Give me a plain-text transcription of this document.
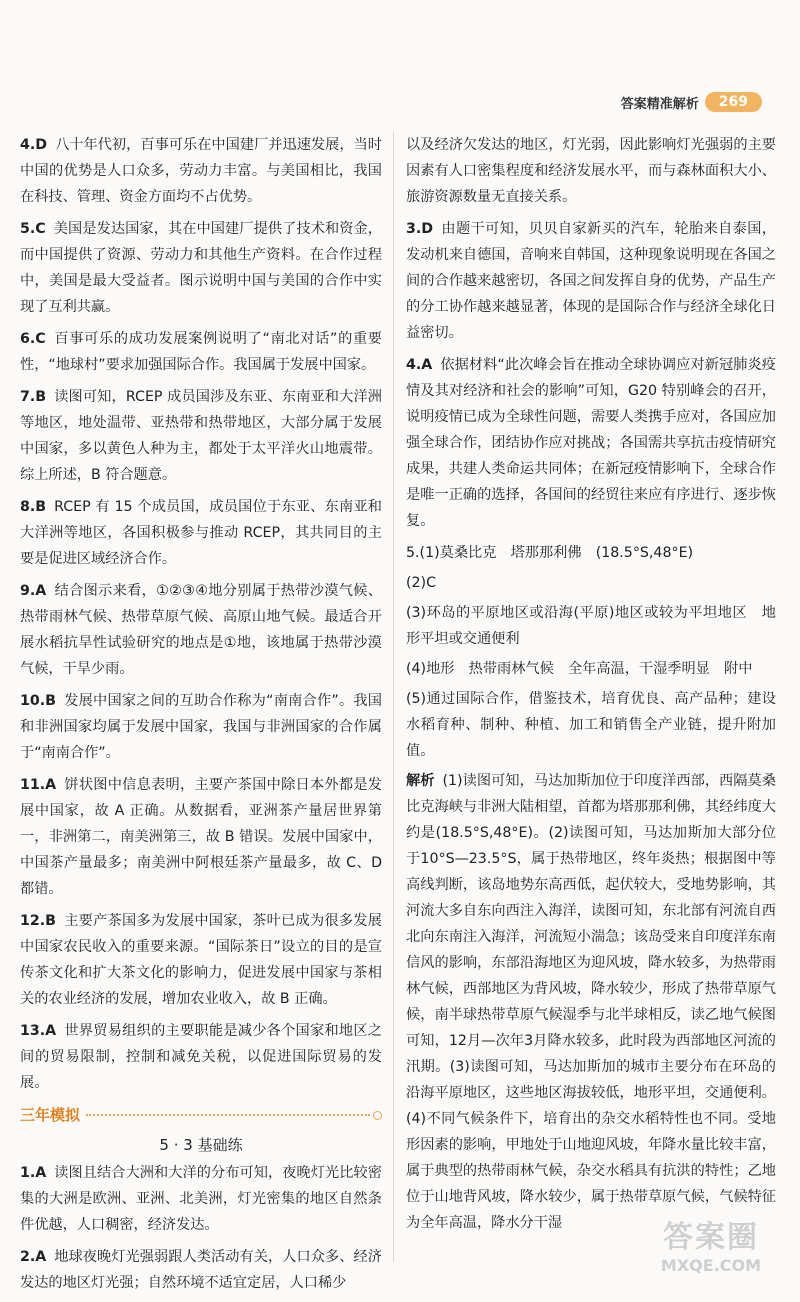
答案精准解析	269
4.D 八十年代初，百事可乐在中国建厂并迅速发展，当时中国的优势是人口众多，劳动力丰富。与美国相比，我国在科技、管理、资金方面均不占优势。
5.C 美国是发达国家，其在中国建厂提供了技术和资金，而中国提供了资源、劳动力和其他生产资料。在合作过程中，美国是最大受益者。图示说明中国与美国的合作中实现了互利共赢。
6.C 百事可乐的成功发展案例说明了“南北对话”的重要性，“地球村”要求加强国际合作。我国属于发展中国家。
7.B 读图可知，RCEP 成员国涉及东亚、东南亚和大洋洲等地区，地处温带、亚热带和热带地区，大部分属于发展中国家，多以黄色人种为主，都处于太平洋火山地震带。综上所述，B 符合题意。
8.B RCEP 有 15 个成员国，成员国位于东亚、东南亚和大洋洲等地区，各国积极参与推动 RCEP，其共同目的主要是促进区域经济合作。
9.A 结合图示来看，①②③④地分别属于热带沙漠气候、热带雨林气候、热带草原气候、高原山地气候。最适合开展水稻抗旱性试验研究的地点是①地，该地属于热带沙漠气候，干旱少雨。
10.B 发展中国家之间的互助合作称为“南南合作”。我国和非洲国家均属于发展中国家，我国与非洲国家的合作属于“南南合作”。
11.A 饼状图中信息表明，主要产茶国中除日本外都是发展中国家，故 A 正确。从数据看，亚洲茶产量居世界第一，非洲第二，南美洲第三，故 B 错误。发展中国家中，中国茶产量最多；南美洲中阿根廷茶产量最多，故 C、D 都错。
12.B 主要产茶国多为发展中国家，茶叶已成为很多发展中国家农民收入的重要来源。“国际茶日”设立的目的是宣传茶文化和扩大茶文化的影响力，促进发展中国家与茶相关的农业经济的发展，增加农业收入，故 B 正确。
13.A 世界贸易组织的主要职能是减少各个国家和地区之间的贸易限制，控制和减免关税，以促进国际贸易的发展。
三年模拟
5 · 3 基础练
1.A 读图且结合大洲和大洋的分布可知，夜晚灯光比较密集的大洲是欧洲、亚洲、北美洲，灯光密集的地区自然条件优越，人口稠密，经济发达。
2.A 地球夜晚灯光强弱跟人类活动有关，人口众多、经济发达的地区灯光强；自然环境不适宜定居，人口稀少
以及经济欠发达的地区，灯光弱，因此影响灯光强弱的主要因素有人口密集程度和经济发展水平，而与森林面积大小、旅游资源数量无直接关系。
3.D 由题干可知，贝贝自家新买的汽车，轮胎来自泰国，发动机来自德国，音响来自韩国，这种现象说明现在各国之间的合作越来越密切，各国之间发挥自身的优势，产品生产的分工协作越来越显著，体现的是国际合作与经济全球化日益密切。
4.A 依据材料“此次峰会旨在推动全球协调应对新冠肺炎疫情及其对经济和社会的影响”可知，G20 特别峰会的召开，说明疫情已成为全球性问题，需要人类携手应对，各国应加强全球合作，团结协作应对挑战；各国需共享抗击疫情研究成果，共建人类命运共同体；在新冠疫情影响下，全球合作是唯一正确的选择，各国间的经贸往来应有序进行、逐步恢复。
5.(1)莫桑比克　塔那那利佛　(18.5°S,48°E)
(2)C
(3)环岛的平原地区或沿海(平原)地区或较为平坦地区　地形平坦或交通便利
(4)地形　热带雨林气候　全年高温，干湿季明显　附中
(5)通过国际合作，借鉴技术，培育优良、高产品种；建设水稻育种、制种、种植、加工和销售全产业链，提升附加值。
解析 (1)读图可知，马达加斯加位于印度洋西部，西隔莫桑比克海峡与非洲大陆相望，首都为塔那那利佛，其经纬度大约是(18.5°S,48°E)。(2)读图可知，马达加斯加大部分位于10°S—23.5°S，属于热带地区，终年炎热；根据图中等高线判断，该岛地势东高西低，起伏较大，受地势影响，其河流大多自东向西注入海洋，读图可知，东北部有河流自西北向东南注入海洋，河流短小湍急；该岛受来自印度洋东南信风的影响，东部沿海地区为迎风坡，降水较多，为热带雨林气候，西部地区为背风坡，降水较少，形成了热带草原气候，南半球热带草原气候湿季与北半球相反，读乙地气候图可知，12月—次年3月降水较多，此时段为西部地区河流的汛期。(3)读图可知，马达加斯加的城市主要分布在环岛的沿海平原地区，这些地区海拔较低，地形平坦，交通便利。(4)不同气候条件下，培育出的杂交水稻特性也不同。受地形因素的影响，甲地处于山地迎风坡，年降水量比较丰富，属于典型的热带雨林气候，杂交水稻具有抗洪的特性；乙地位于山地背风坡，降水较少，属于热带草原气候，气候特征为全年高温，降水分干湿	答案圈
MXQE.COM
